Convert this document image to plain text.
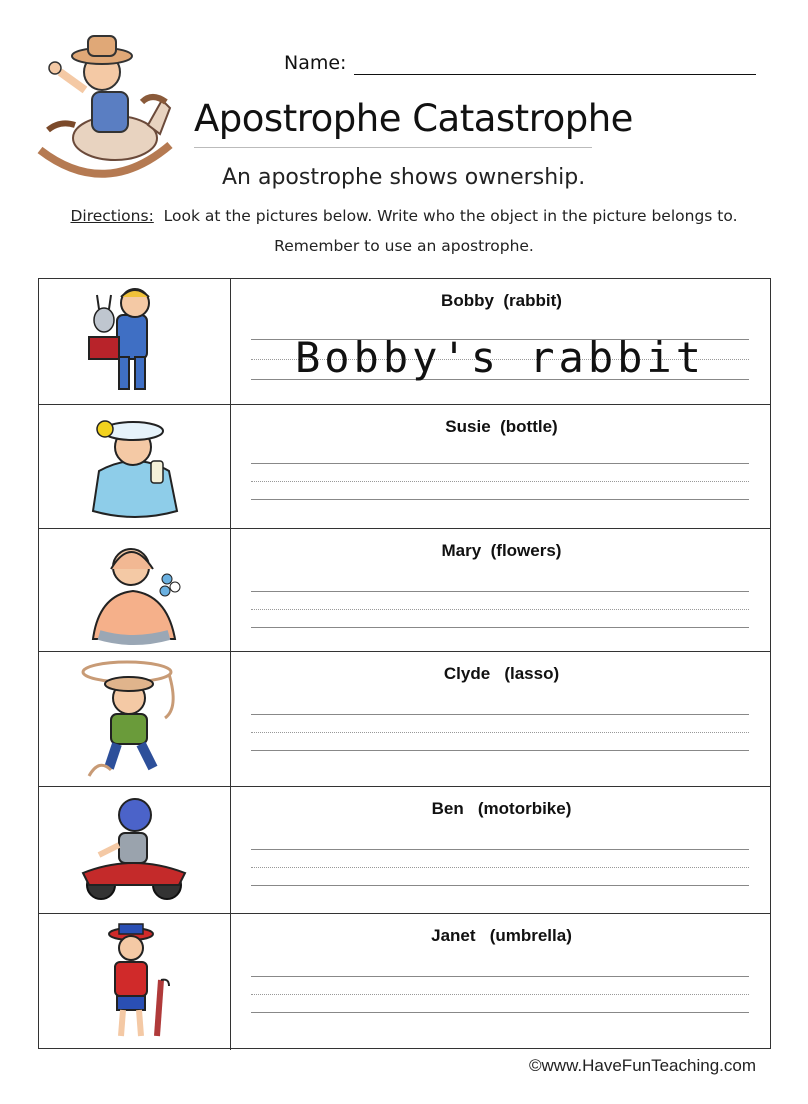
Name:
Apostrophe Catastrophe
An apostrophe shows ownership.
Directions: Look at the pictures below. Write who the object in the picture belongs to.
Remember to use an apostrophe.
Bobby  (rabbit)
Bobby's rabbit
Susie  (bottle)
Mary  (flowers)
Clyde   (lasso)
Ben   (motorbike)
Janet   (umbrella)
©www.HaveFunTeaching.com
